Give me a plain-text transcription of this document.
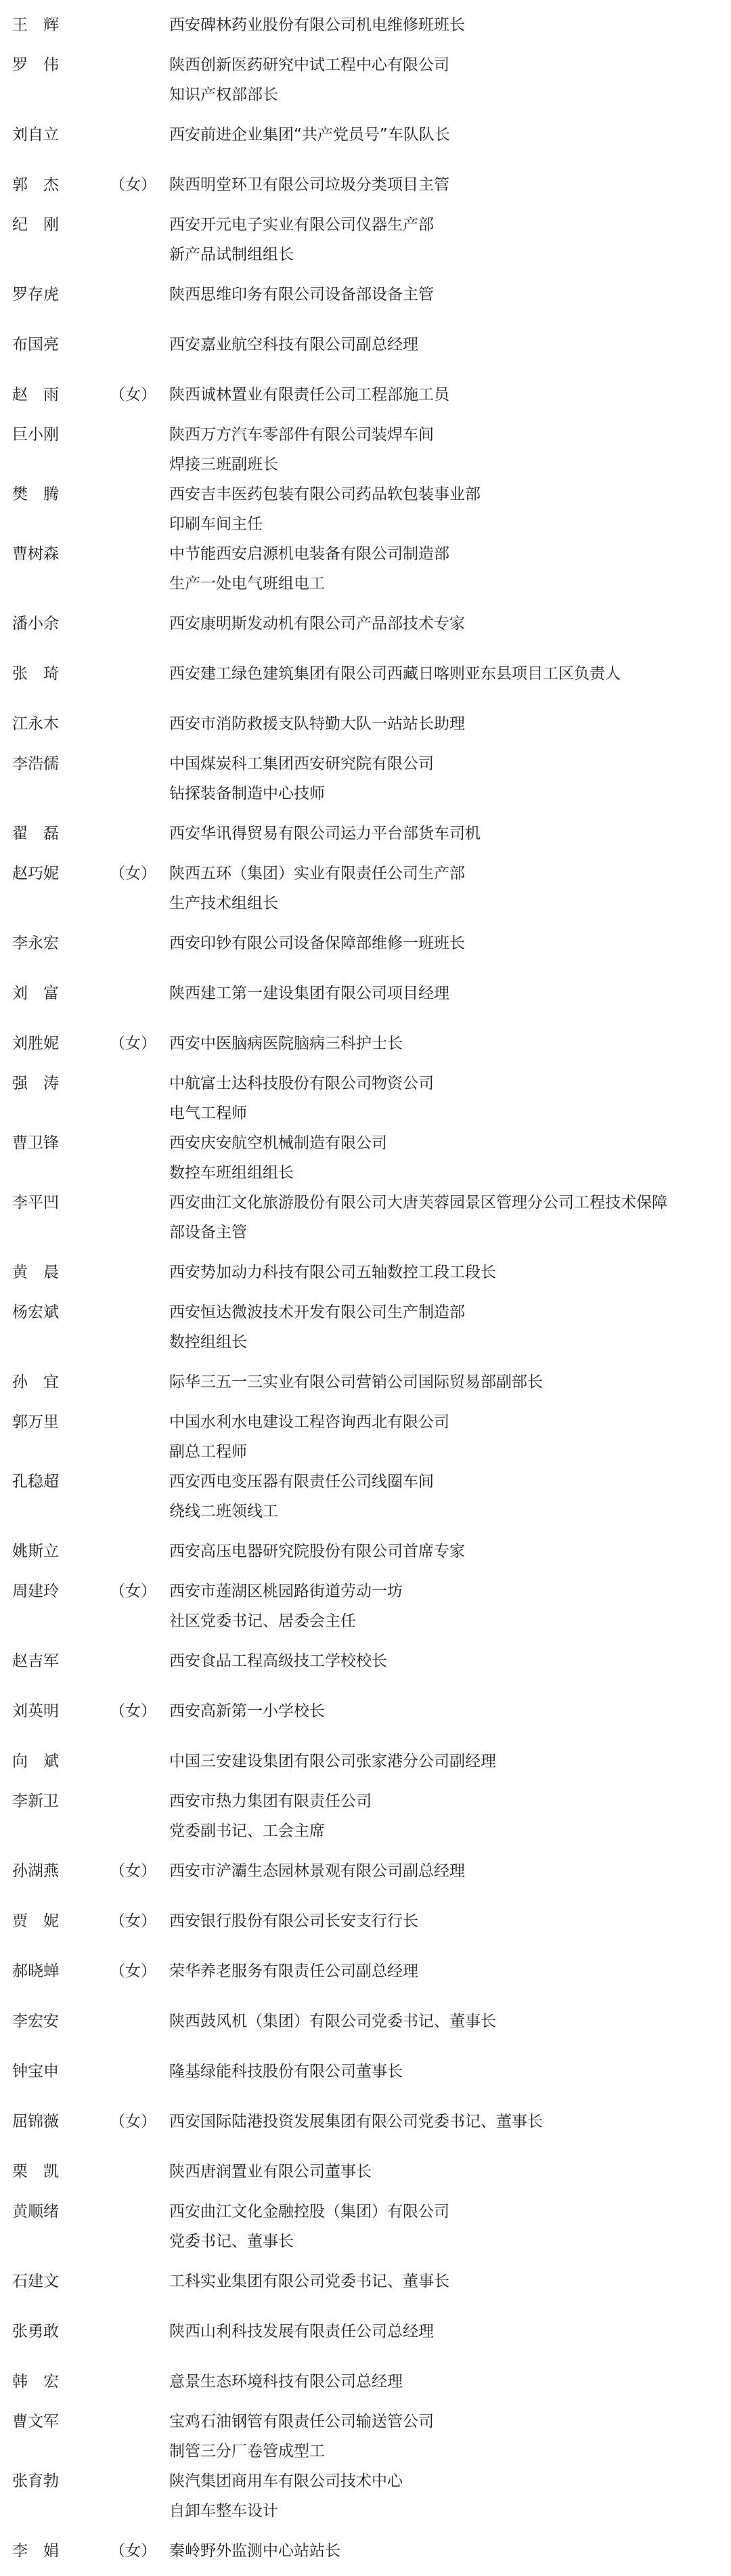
王　辉	西安碑林药业股份有限公司机电维修班班长
罗　伟	陕西创新医药研究中试工程中心有限公司
知识产权部部长
刘自立	西安前进企业集团“共产党员号”车队队长
郭　杰	（女） 陕西明堂环卫有限公司垃圾分类项目主管
纪　刚	西安开元电子实业有限公司仪器生产部
新产品试制组组长
罗存虎	陕西思维印务有限公司设备部设备主管
布国亮	西安嘉业航空科技有限公司副总经理
赵　雨	（女） 陕西诚林置业有限责任公司工程部施工员
巨小刚	陕西万方汽车零部件有限公司装焊车间
焊接三班副班长
樊　腾	西安吉丰医药包装有限公司药品软包装事业部
印刷车间主任
曹树森	中节能西安启源机电装备有限公司制造部
生产一处电气班组电工
潘小余	西安康明斯发动机有限公司产品部技术专家
张　琦	西安建工绿色建筑集团有限公司西藏日喀则亚东县项目工区负责人
江永木	西安市消防救援支队特勤大队一站站长助理
李浩儒	中国煤炭科工集团西安研究院有限公司
钻探装备制造中心技师
翟　磊	西安华讯得贸易有限公司运力平台部货车司机
赵巧妮	（女） 陕西五环（集团）实业有限责任公司生产部
生产技术组组长
李永宏	西安印钞有限公司设备保障部维修一班班长
刘　富	陕西建工第一建设集团有限公司项目经理
刘胜妮	（女） 西安中医脑病医院脑病三科护士长
强　涛	中航富士达科技股份有限公司物资公司
电气工程师
曹卫锋	西安庆安航空机械制造有限公司
数控车班组组组长
李平凹	西安曲江文化旅游股份有限公司大唐芙蓉园景区管理分公司工程技术保障
部设备主管
黄　晨	西安势加动力科技有限公司五轴数控工段工段长
杨宏斌	西安恒达微波技术开发有限公司生产制造部
数控组组长
孙　宜	际华三五一三实业有限公司营销公司国际贸易部副部长
郭万里	中国水利水电建设工程咨询西北有限公司
副总工程师
孔稳超	西安西电变压器有限责任公司线圈车间
绕线二班领线工
姚斯立	西安高压电器研究院股份有限公司首席专家
周建玲	（女） 西安市莲湖区桃园路街道劳动一坊
社区党委书记、居委会主任
赵吉军	西安食品工程高级技工学校校长
刘英明	（女） 西安高新第一小学校长
向　斌	中国三安建设集团有限公司张家港分公司副经理
李新卫	西安市热力集团有限责任公司
党委副书记、工会主席
孙湖燕	（女） 西安市浐灞生态园林景观有限公司副总经理
贾　妮	（女） 西安银行股份有限公司长安支行行长
郝晓蝉	（女） 荣华养老服务有限责任公司副总经理
李宏安	陕西鼓风机（集团）有限公司党委书记、董事长
钟宝申	隆基绿能科技股份有限公司董事长
屈锦薇	（女） 西安国际陆港投资发展集团有限公司党委书记、董事长
栗　凯	陕西唐润置业有限公司董事长
黄顺绪	西安曲江文化金融控股（集团）有限公司
党委书记、董事长
石建文	工科实业集团有限公司党委书记、董事长
张勇敢	陕西山利科技发展有限责任公司总经理
韩　宏	意景生态环境科技有限公司总经理
曹文军	宝鸡石油钢管有限责任公司输送管公司
制管三分厂卷管成型工
张育勃	陕汽集团商用车有限公司技术中心
自卸车整车设计
李　娟	（女） 秦岭野外监测中心站站长
